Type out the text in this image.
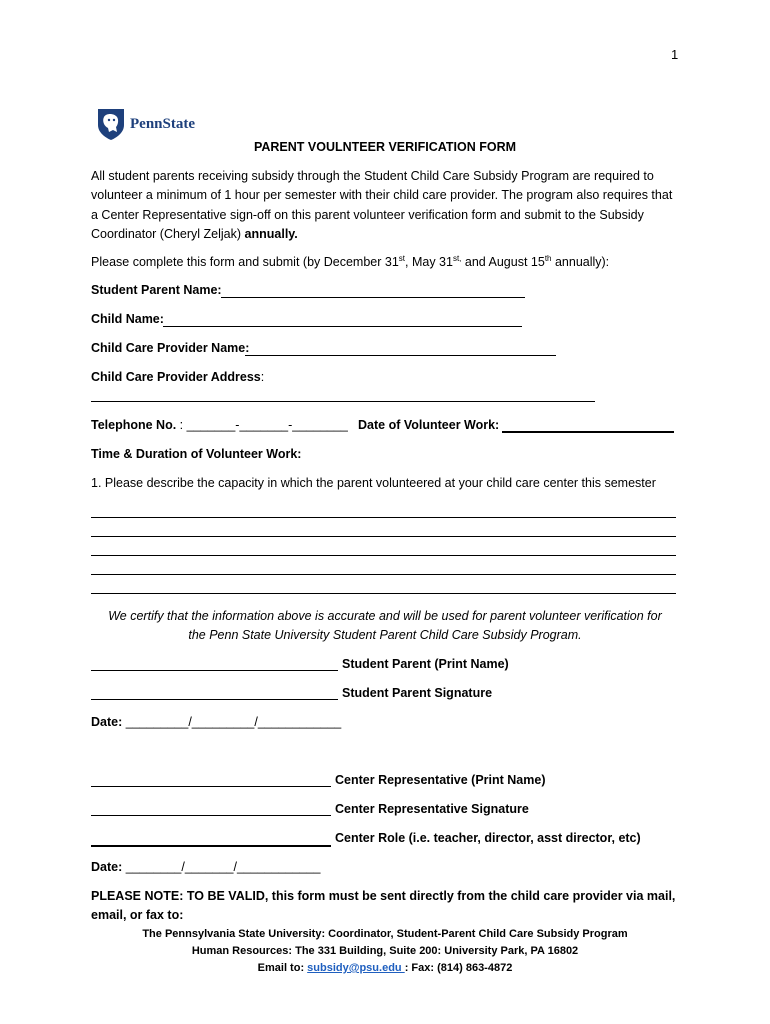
1
PennState
PARENT VOULNTEER VERIFICATION FORM
All student parents receiving subsidy through the Student Child Care Subsidy Program are required to volunteer a minimum of 1 hour per semester with their child care provider. The program also requires that a Center Representative sign-off on this parent volunteer verification form and submit to the Subsidy Coordinator (Cheryl Zeljak) annually.
Please complete this form and submit (by December 31st, May $31^{st,}$ and August 15th annually):
Student Parent Name:
Child Name:
Child Care Provider Name:
Child Care Provider Address:
Telephone No. : _______-_______-________ Date of Volunteer Work:
Time & Duration of Volunteer Work:
1. Please describe the capacity in which the parent volunteered at your child care center this semester
We certify that the information above is accurate and will be used for parent volunteer verification for
the Penn State University Student Parent Child Care Subsidy Program.
Student Parent (Print Name)
Student Parent Signature
Date: _________/_________/____________
Center Representative (Print Name)
Center Representative Signature
Center Role (i.e. teacher, director, asst director, etc)
Date: ________/_______/____________
PLEASE NOTE: TO BE VALID, this form must be sent directly from the child care provider via mail,
email, or fax to:
The Pennsylvania State University: Coordinator, Student-Parent Child Care Subsidy Program
Human Resources: The 331 Building, Suite 200: University Park, PA 16802
Email to: subsidy@psu.edu : Fax: (814) 863-4872
